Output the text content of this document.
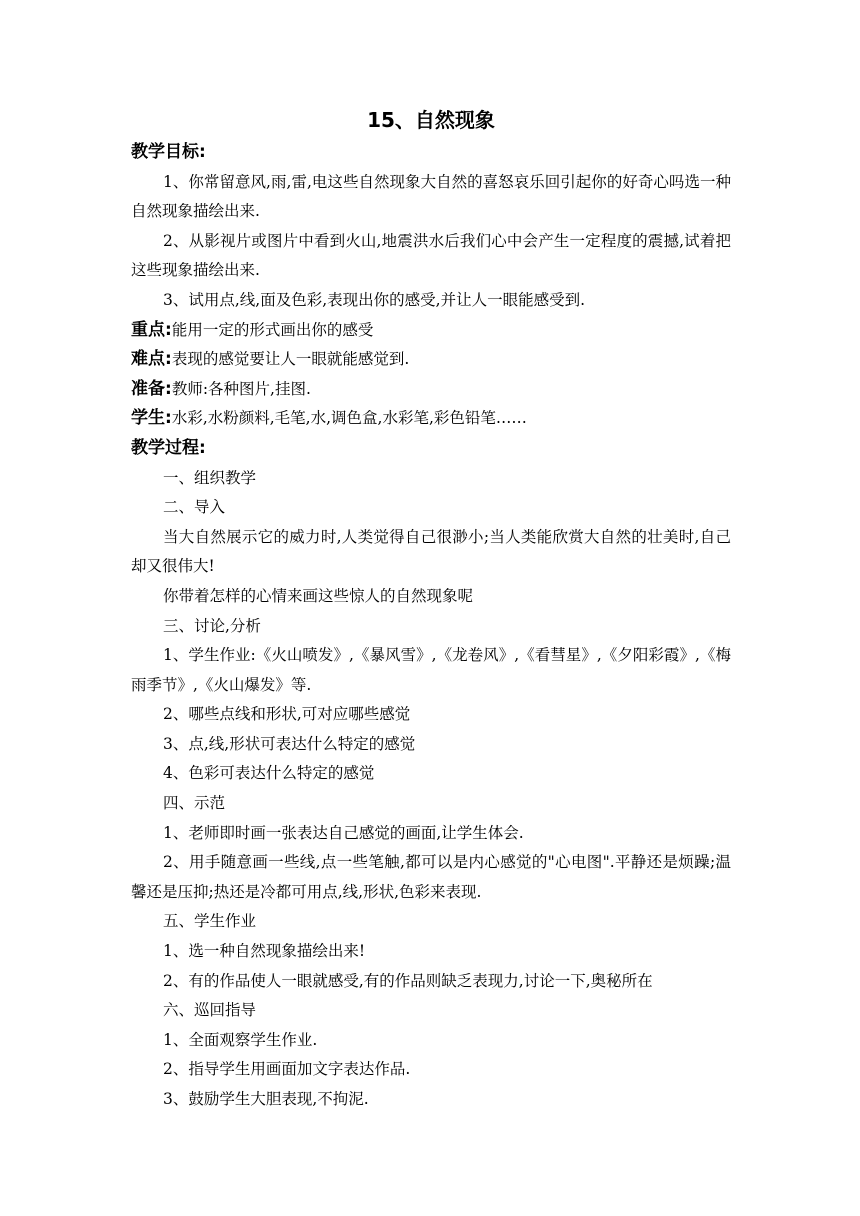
15、自然现象
教学目标:

1、你常留意风,雨,雷,电这些自然现象大自然的喜怒哀乐回引起你的好奇心吗选一种自然现象描绘出来.

2、从影视片或图片中看到火山,地震洪水后我们心中会产生一定程度的震撼,试着把这些现象描绘出来.

3、试用点,线,面及色彩,表现出你的感受,并让人一眼能感受到.

重点:能用一定的形式画出你的感受

难点:表现的感觉要让人一眼就能感觉到.

准备:教师:各种图片,挂图.

学生:水彩,水粉颜料,毛笔,水,调色盒,水彩笔,彩色铅笔……

教学过程:

一、组织教学

二、导入

当大自然展示它的威力时,人类觉得自己很渺小;当人类能欣赏大自然的壮美时,自己却又很伟大!

你带着怎样的心情来画这些惊人的自然现象呢

三、讨论,分析

1、学生作业:《火山喷发》,《暴风雪》,《龙卷风》,《看彗星》,《夕阳彩霞》,《梅雨季节》,《火山爆发》等.

2、哪些点线和形状,可对应哪些感觉

3、点,线,形状可表达什么特定的感觉

4、色彩可表达什么特定的感觉

四、示范

1、老师即时画一张表达自己感觉的画面,让学生体会.

2、用手随意画一些线,点一些笔触,都可以是内心感觉的"心电图".平静还是烦躁;温馨还是压抑;热还是冷都可用点,线,形状,色彩来表现.

五、学生作业

1、选一种自然现象描绘出来!

2、有的作品使人一眼就感受,有的作品则缺乏表现力,讨论一下,奥秘所在

六、巡回指导

1、全面观察学生作业.

2、指导学生用画面加文字表达作品.

3、鼓励学生大胆表现,不拘泥.
